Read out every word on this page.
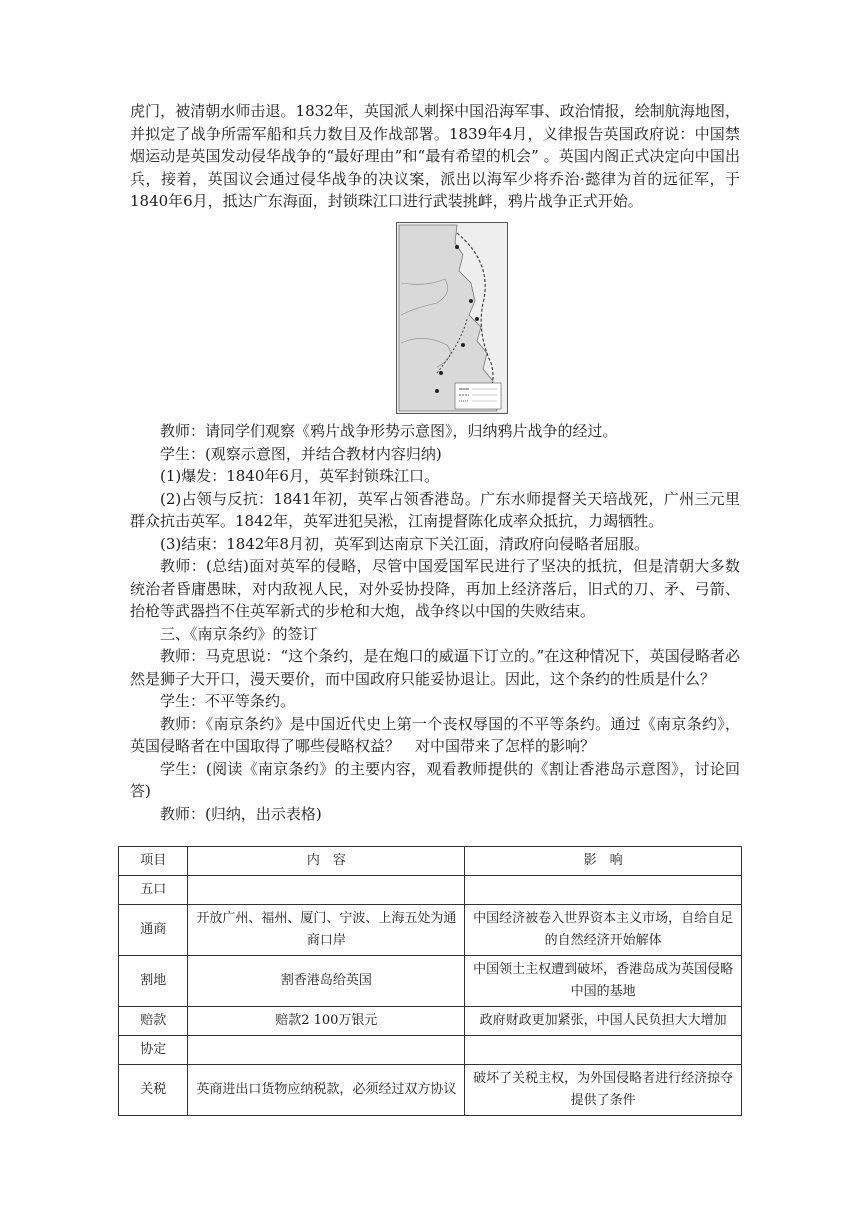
虎门，被清朝水师击退。1832年，英国派人刺探中国沿海军事、政治情报，绘制航海地图，并拟定了战争所需军船和兵力数目及作战部署。1839年4月，义律报告英国政府说：中国禁烟运动是英国发动侵华战争的“最好理由”和“最有希望的机会” 。英国内阁正式决定向中国出兵，接着，英国议会通过侵华战争的决议案，派出以海军少将乔治·懿律为首的远征军，于1840年6月，抵达广东海面，封锁珠江口进行武装挑衅，鸦片战争正式开始。

教师：请同学们观察《鸦片战争形势示意图》，归纳鸦片战争的经过。

学生：(观察示意图，并结合教材内容归纳)

(1)爆发：1840年6月，英军封锁珠江口。

(2)占领与反抗：1841年初，英军占领香港岛。广东水师提督关天培战死，广州三元里群众抗击英军。1842年，英军进犯吴淞，江南提督陈化成率众抵抗，力竭牺牲。

(3)结束：1842年8月初，英军到达南京下关江面，清政府向侵略者屈服。

教师：(总结)面对英军的侵略，尽管中国爱国军民进行了坚决的抵抗，但是清朝大多数统治者昏庸愚昧，对内敌视人民，对外妥协投降，再加上经济落后，旧式的刀、矛、弓箭、抬枪等武器挡不住英军新式的步枪和大炮，战争终以中国的失败结束。

三、《南京条约》的签订

教师：马克思说：“这个条约，是在炮口的威逼下订立的。”在这种情况下，英国侵略者必然是狮子大开口，漫天要价，而中国政府只能妥协退让。因此，这个条约的性质是什么？

学生：不平等条约。

教师：《南京条约》是中国近代史上第一个丧权辱国的不平等条约。通过《南京条约》，英国侵略者在中国取得了哪些侵略权益？　对中国带来了怎样的影响？

学生：(阅读《南京条约》的主要内容，观看教师提供的《割让香港岛示意图》，讨论回答)

教师：(归纳，出示表格)

项目	内　容	影　响
五口		
通商	开放广州、福州、厦门、宁波、上海五处为通商口岸	中国经济被卷入世界资本主义市场，自给自足的自然经济开始解体
割地	割香港岛给英国	中国领土主权遭到破坏，香港岛成为英国侵略中国的基地
赔款	赔款2 100万银元	政府财政更加紧张，中国人民负担大大增加
协定		
关税	英商进出口货物应纳税款，必须经过双方协议	破坏了关税主权，为外国侵略者进行经济掠夺提供了条件
